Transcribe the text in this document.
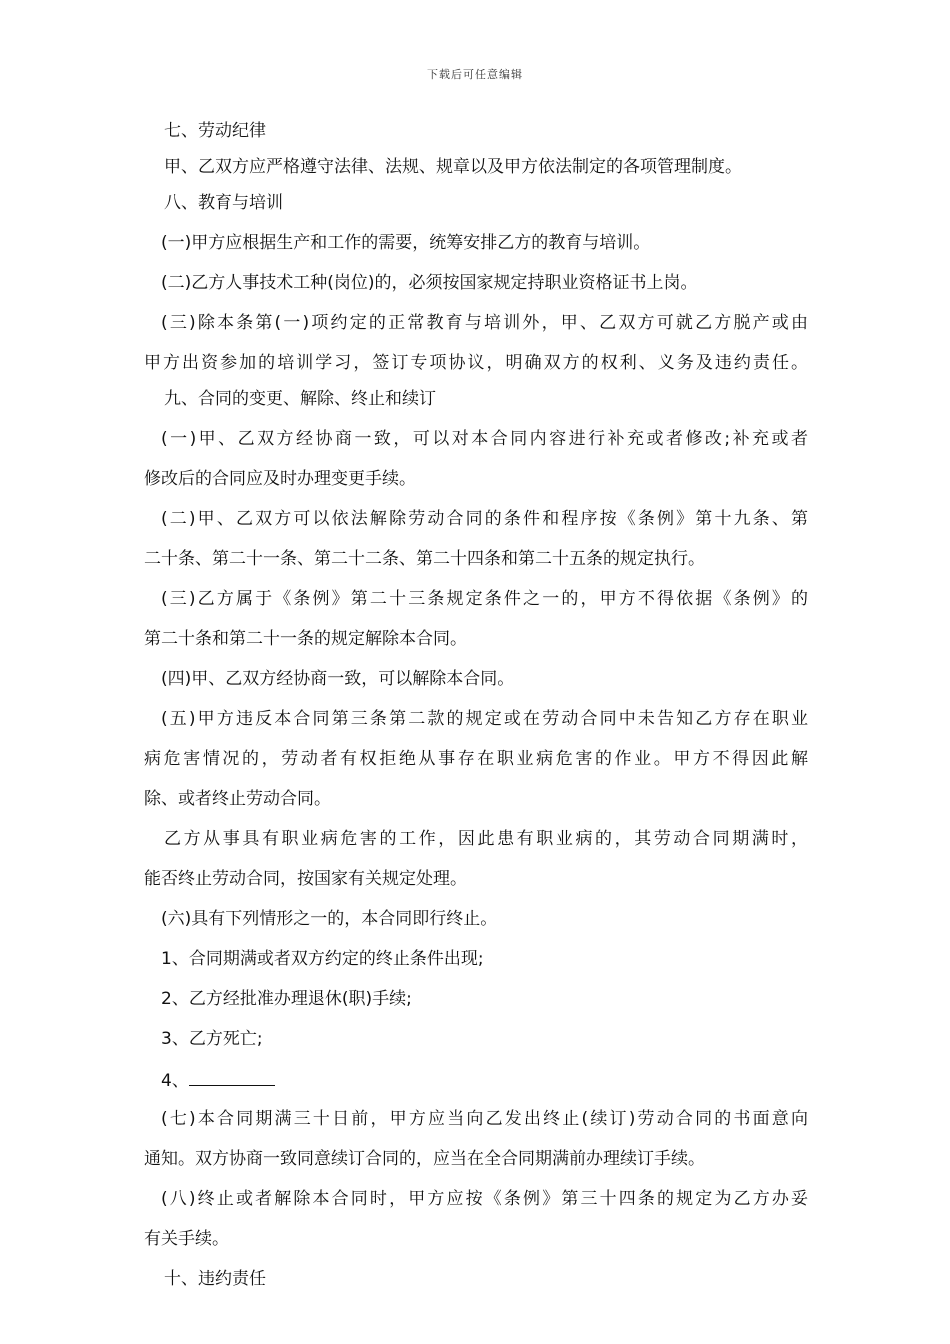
下载后可任意编辑
七、劳动纪律
甲、乙双方应严格遵守法律、法规、规章以及甲方依法制定的各项管理制度。
八、教育与培训
(一)甲方应根据生产和工作的需要，统筹安排乙方的教育与培训。
(二)乙方人事技术工种(岗位)的，必须按国家规定持职业资格证书上岗。
(三)除本条第(一)项约定的正常教育与培训外，甲、乙双方可就乙方脱产或由
甲方出资参加的培训学习，签订专项协议，明确双方的权利、义务及违约责任。
九、合同的变更、解除、终止和续订
(一)甲、乙双方经协商一致，可以对本合同内容进行补充或者修改;补充或者
修改后的合同应及时办理变更手续。
(二)甲、乙双方可以依法解除劳动合同的条件和程序按《条例》第十九条、第
二十条、第二十一条、第二十二条、第二十四条和第二十五条的规定执行。
(三)乙方属于《条例》第二十三条规定条件之一的，甲方不得依据《条例》的
第二十条和第二十一条的规定解除本合同。
(四)甲、乙双方经协商一致，可以解除本合同。
(五)甲方违反本合同第三条第二款的规定或在劳动合同中未告知乙方存在职业
病危害情况的，劳动者有权拒绝从事存在职业病危害的作业。甲方不得因此解
除、或者终止劳动合同。
乙方从事具有职业病危害的工作，因此患有职业病的，其劳动合同期满时，
能否终止劳动合同，按国家有关规定处理。
(六)具有下列情形之一的，本合同即行终止。
1、合同期满或者双方约定的终止条件出现;
2、乙方经批准办理退休(职)手续;
3、乙方死亡;
4、
(七)本合同期满三十日前，甲方应当向乙发出终止(续订)劳动合同的书面意向
通知。双方协商一致同意续订合同的，应当在全合同期满前办理续订手续。
(八)终止或者解除本合同时，甲方应按《条例》第三十四条的规定为乙方办妥
有关手续。
十、违约责任
